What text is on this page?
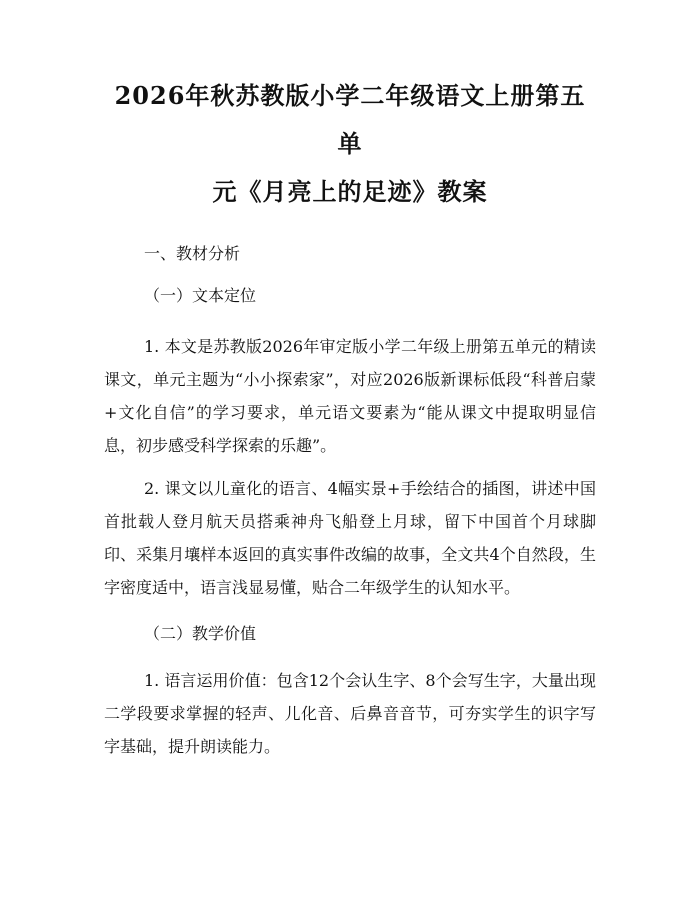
2026年秋苏教版小学二年级语文上册第五单
元《月亮上的足迹》教案

一、教材分析

（一）文本定位

1. 本文是苏教版2026年审定版小学二年级上册第五单元的精读课文，单元主题为“小小探索家”，对应2026版新课标低段“科普启蒙+文化自信”的学习要求，单元语文要素为“能从课文中提取明显信息，初步感受科学探索的乐趣”。

2. 课文以儿童化的语言、4幅实景+手绘结合的插图，讲述中国首批载人登月航天员搭乘神舟飞船登上月球，留下中国首个月球脚印、采集月壤样本返回的真实事件改编的故事，全文共4个自然段，生字密度适中，语言浅显易懂，贴合二年级学生的认知水平。

（二）教学价值

1. 语言运用价值：包含12个会认生字、8个会写生字，大量出现二学段要求掌握的轻声、儿化音、后鼻音音节，可夯实学生的识字写字基础，提升朗读能力。
